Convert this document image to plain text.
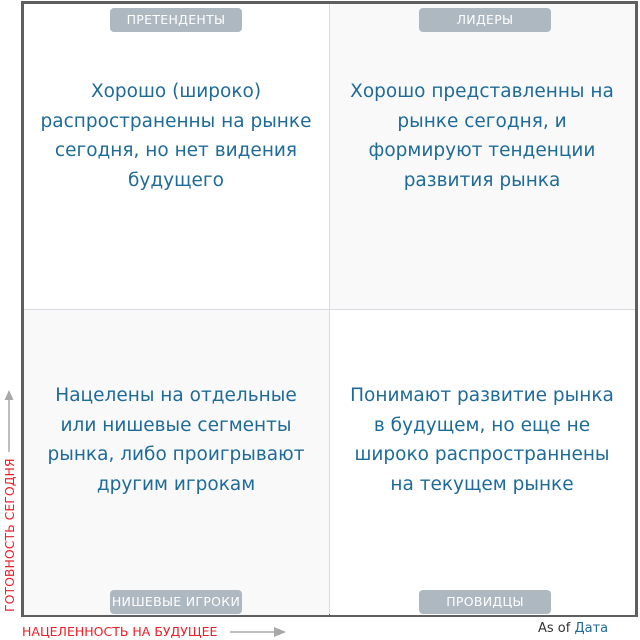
ПРЕТЕНДЕНТЫ	ЛИДЕРЫ
НИШЕВЫЕ ИГРОКИ	ПРОВИДЦЫ
Хорошо (широко) распространенны на рынке сегодня, но нет видения будущего
Хорошо представленны на рынке сегодня, и формируют тенденции развития рынка
Нацелены на отдельные или нишевые сегменты рынка, либо проигрывают другим игрокам
Понимают развитие рынка в будущем, но еще не широко распространнены на текущем рынке
ГОТОВНОСТЬ СЕГОДНЯ
НАЦЕЛЕННОСТЬ НА БУДУЩЕЕ	As of Дата
